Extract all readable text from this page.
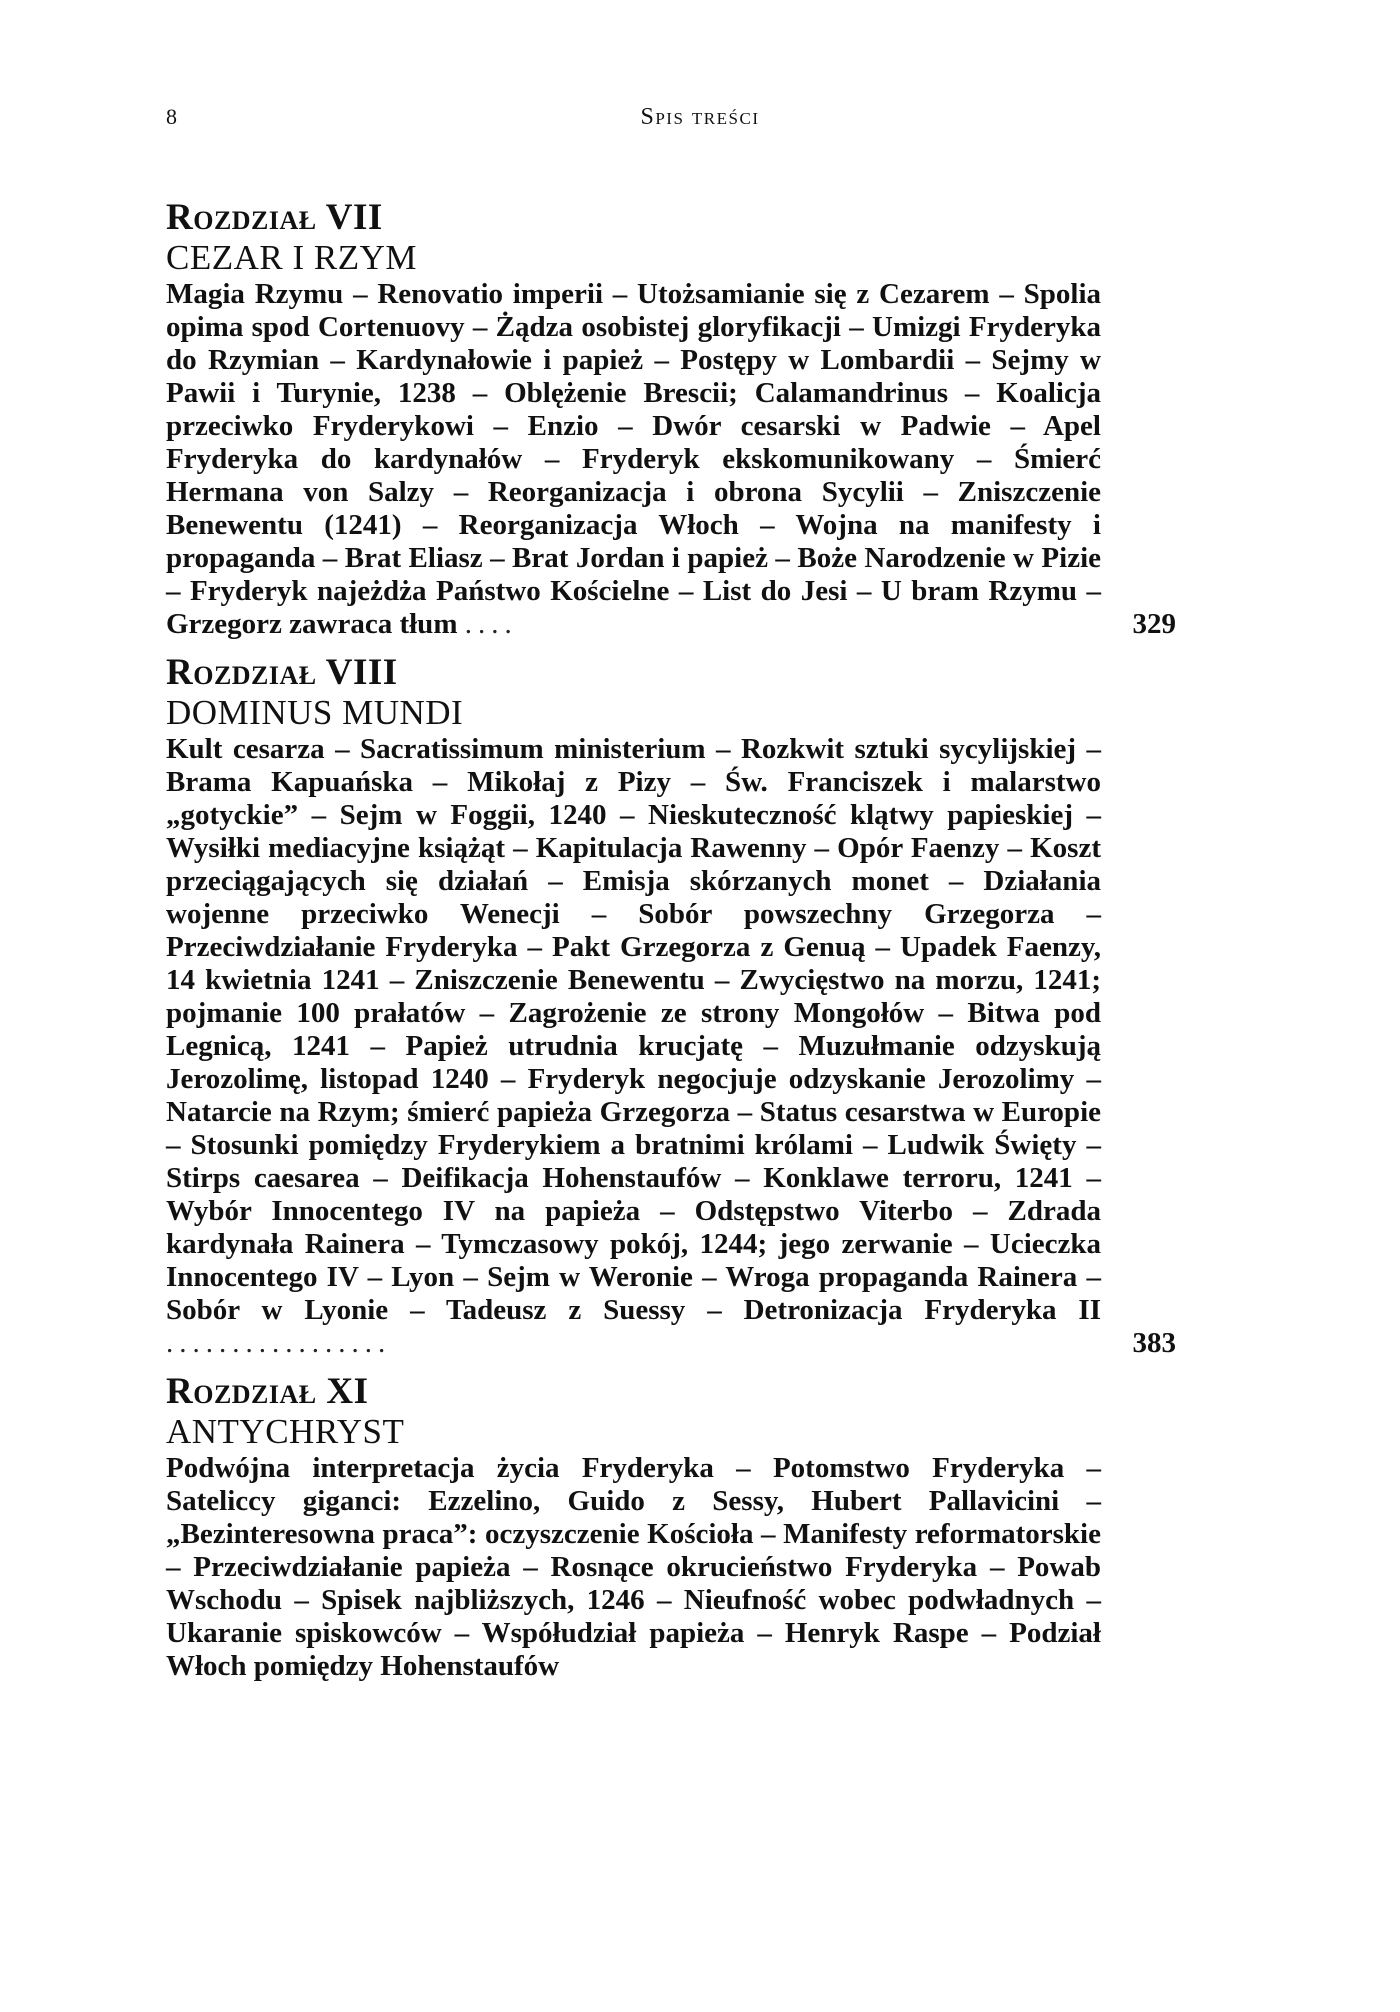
8	Spis treści
Rozdział VII
CEZAR I RZYM
Magia Rzymu – Renovatio imperii – Utożsamianie się z Cezarem – Spolia opima spod Cortenuovy – Żądza osobistej gloryfikacji – Umizgi Fryderyka do Rzymian – Kardynałowie i papież – Postępy w Lombardii – Sejmy w Pawii i Turynie, 1238 – Oblężenie Brescii; Calamandrinus – Koalicja przeciwko Fryderykowi – Enzio – Dwór cesarski w Padwie – Apel Fryderyka do kardynałów – Fryderyk ekskomunikowany – Śmierć Hermana von Salzy – Reorganizacja i obrona Sycylii – Zniszczenie Benewentu (1241) – Reorganizacja Włoch – Wojna na manifesty i propaganda – Brat Eliasz – Brat Jordan i papież – Boże Narodzenie w Pizie – Fryderyk najeżdża Państwo Kościelne – List do Jesi – U bram Rzymu – Grzegorz zawraca tłum ....	329
Rozdział VIII
DOMINUS MUNDI
Kult cesarza – Sacratissimum ministerium – Rozkwit sztuki sycylijskiej – Brama Kapuańska – Mikołaj z Pizy – Św. Franciszek i malarstwo „gotyckie” – Sejm w Foggii, 1240 – Nieskuteczność klątwy papieskiej – Wysiłki mediacyjne książąt – Kapitulacja Rawenny – Opór Faenzy – Koszt przeciągających się działań – Emisja skórzanych monet – Działania wojenne przeciwko Wenecji – Sobór powszechny Grzegorza – Przeciwdziałanie Fryderyka – Pakt Grzegorza z Genuą – Upadek Faenzy, 14 kwietnia 1241 – Zniszczenie Benewentu – Zwycięstwo na morzu, 1241; pojmanie 100 prałatów – Zagrożenie ze strony Mongołów – Bitwa pod Legnicą, 1241 – Papież utrudnia krucjatę – Muzułmanie odzyskują Jerozolimę, listopad 1240 – Fryderyk negocjuje odzyskanie Jerozolimy – Natarcie na Rzym; śmierć papieża Grzegorza – Status cesarstwa w Europie – Stosunki pomiędzy Fryderykiem a bratnimi królami – Ludwik Święty – Stirps caesarea – Deifikacja Hohenstaufów – Konklawe terroru, 1241 – Wybór Innocentego IV na papieża – Odstępstwo Viterbo – Zdrada kardynała Rainera – Tymczasowy pokój, 1244; jego zerwanie – Ucieczka Innocentego IV – Lyon – Sejm w Weronie – Wroga propaganda Rainera – Sobór w Lyonie – Tadeusz z Suessy – Detronizacja Fryderyka II .................	383
Rozdział XI
ANTYCHRYST
Podwójna interpretacja życia Fryderyka – Potomstwo Fryderyka – Sateliccy giganci: Ezzelino, Guido z Sessy, Hubert Pallavicini – „Bezinteresowna praca”: oczyszczenie Kościoła – Manifesty reformatorskie – Przeciwdziałanie papieża – Rosnące okrucieństwo Fryderyka – Powab Wschodu – Spisek najbliższych, 1246 – Nieufność wobec podwładnych – Ukaranie spiskowców – Współudział papieża – Henryk Raspe – Podział Włoch pomiędzy Hohenstaufów
